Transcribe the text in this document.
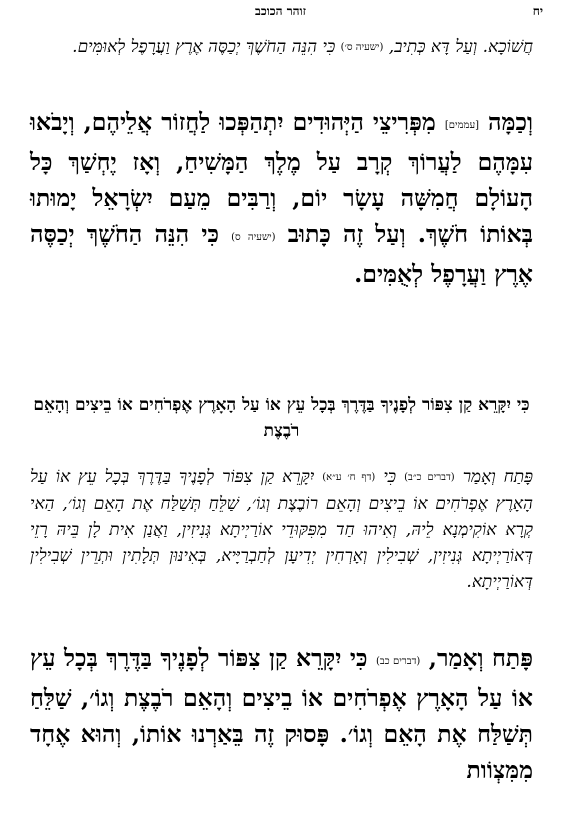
יח
זוהר הכוכב

חֲשׁוֹכָא. וְעַל דָּא כְּתִיב, (ישעיה ס׳) כִּי הִנֵּה הַחֹשֶׁךְ יְכַסֶּה אֶרֶץ וַעֲרָפֶל לְאוּמִּים.

וְכַמָּה [עממים] מִפְּרִיצֵי הַיְּהוּדִים יִתְהַפְּכוּ לַחֲזוֹר אֲלֵיהֶם, וְיָבֹאוּ עִמָּהֶם לַעֲרוֹךְ קְרָב עַל מֶלֶךְ הַמָּשִׁיחַ, וְאָז יֶחְשַׁךְ כָּל הָעוֹלָם חֲמִשָּׁה עָשָׂר יוֹם, וְרַבִּים מֵעַם יִשְׂרָאֵל יָמוּתוּ בְּאוֹתוֹ חֹשֶׁךְ. וְעַל זֶה כָּתוּב (ישעיה ס) כִּי הִנֵּה הַחֹשֶׁךְ יְכַסֶּה אֶרֶץ וַעֲרָפֶל לְאֻמִּים.

כִּי יִקָּרֵא קַן צִפּוֹר לְפָנֶיךָ בַּדֶּרֶךְ בְּכָל עֵץ אוֹ עַל הָאָרֶץ אֶפְרֹחִים אוֹ בֵיצִים וְהָאֵם רֹבֶצֶת

פָּתַח וְאָמַר (דברים כ״ב) כִּי (דף ח׳ ע״א) יִקָּרֵא קַן צִפּוֹר לְפָנֶיךָ בַּדֶּרֶךְ בְּכָל עֵץ אוֹ עַל הָאָרֶץ אֶפְרֹחִים אוֹ בֵיצִים וְהָאֵם רוֹבֶצֶת וְגוֹ׳, שַׁלֵּחַ תְּשַׁלַּח אֶת הָאֵם וְגוֹ׳, הַאי קְרָא אוֹקִימְנָא לֵיהּ, וְאִיהוּ חַד מִפִּקּוּדֵי אוֹרַיְיתָא גְּנִיזִין, וַאֲנַן אִית לָן בֵּיהּ רָזֵי דְּאוֹרַיְיתָא גְּנִיזִין, שְׁבִילִין וְאָרְחִין יְדִיעָן לְחַבְרַיָּיא, בְּאִינּוּן תְּלָתִין וּתְרֵין שְׁבִילִין דְּאוֹרַיְיתָא.

פָּתַח וְאָמַר, (דברים כב) כִּי יִקָּרֵא קַן צִפּוֹר לְפָנֶיךָ בַּדֶּרֶךְ בְּכָל עֵץ אוֹ עַל הָאָרֶץ אֶפְרֹחִים אוֹ בֵיצִים וְהָאֵם רֹבֶצֶת וְגוֹ׳, שַׁלֵּחַ תְּשַׁלַּח אֶת הָאֵם וְגוֹ׳. פָּסוּק זֶה בֵּאַרְנוּ אוֹתוֹ, וְהוּא אֶחָד מִמִּצְוֹות
